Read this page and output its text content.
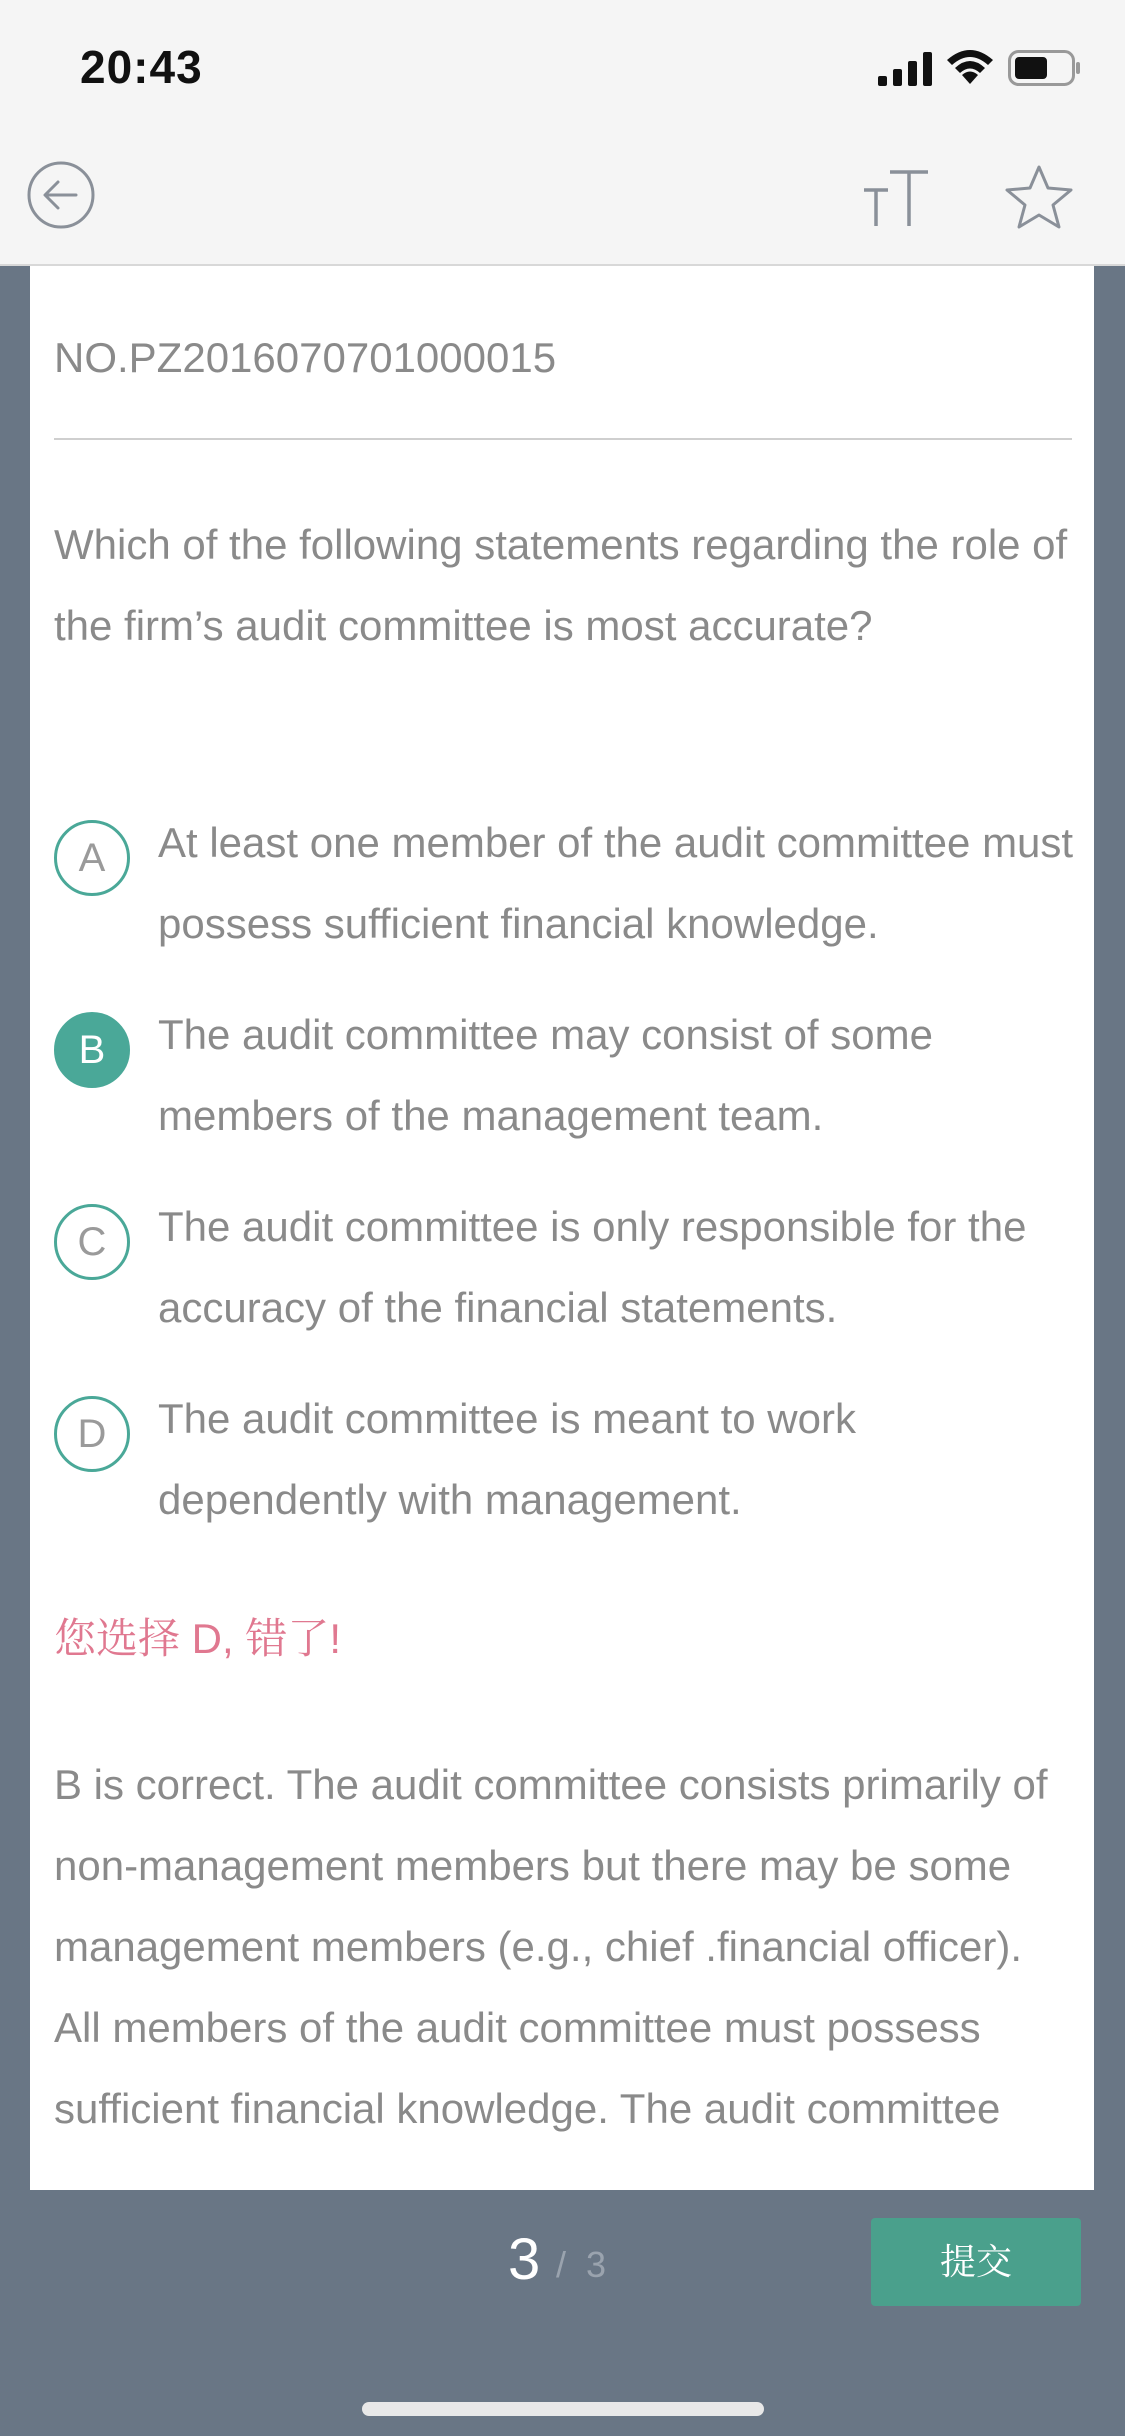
20:43
NO.PZ2016070701000015
Which of the following statements regarding the role of the firm’s audit committee is most accurate?
A	At least one member of the audit committee must possess sufficient financial knowledge.
B	The audit committee may consist of some members of the management team.
C	The audit committee is only responsible for the accuracy of the financial statements.
D	The audit committee is meant to work dependently with management.
您选择 D, 错了!
B is correct. The audit committee consists primarily of non-management members but there may be some management members (e.g., chief .financial officer).
All members of the audit committee must possess sufficient financial knowledge. The audit committee
3 / 3	提交
